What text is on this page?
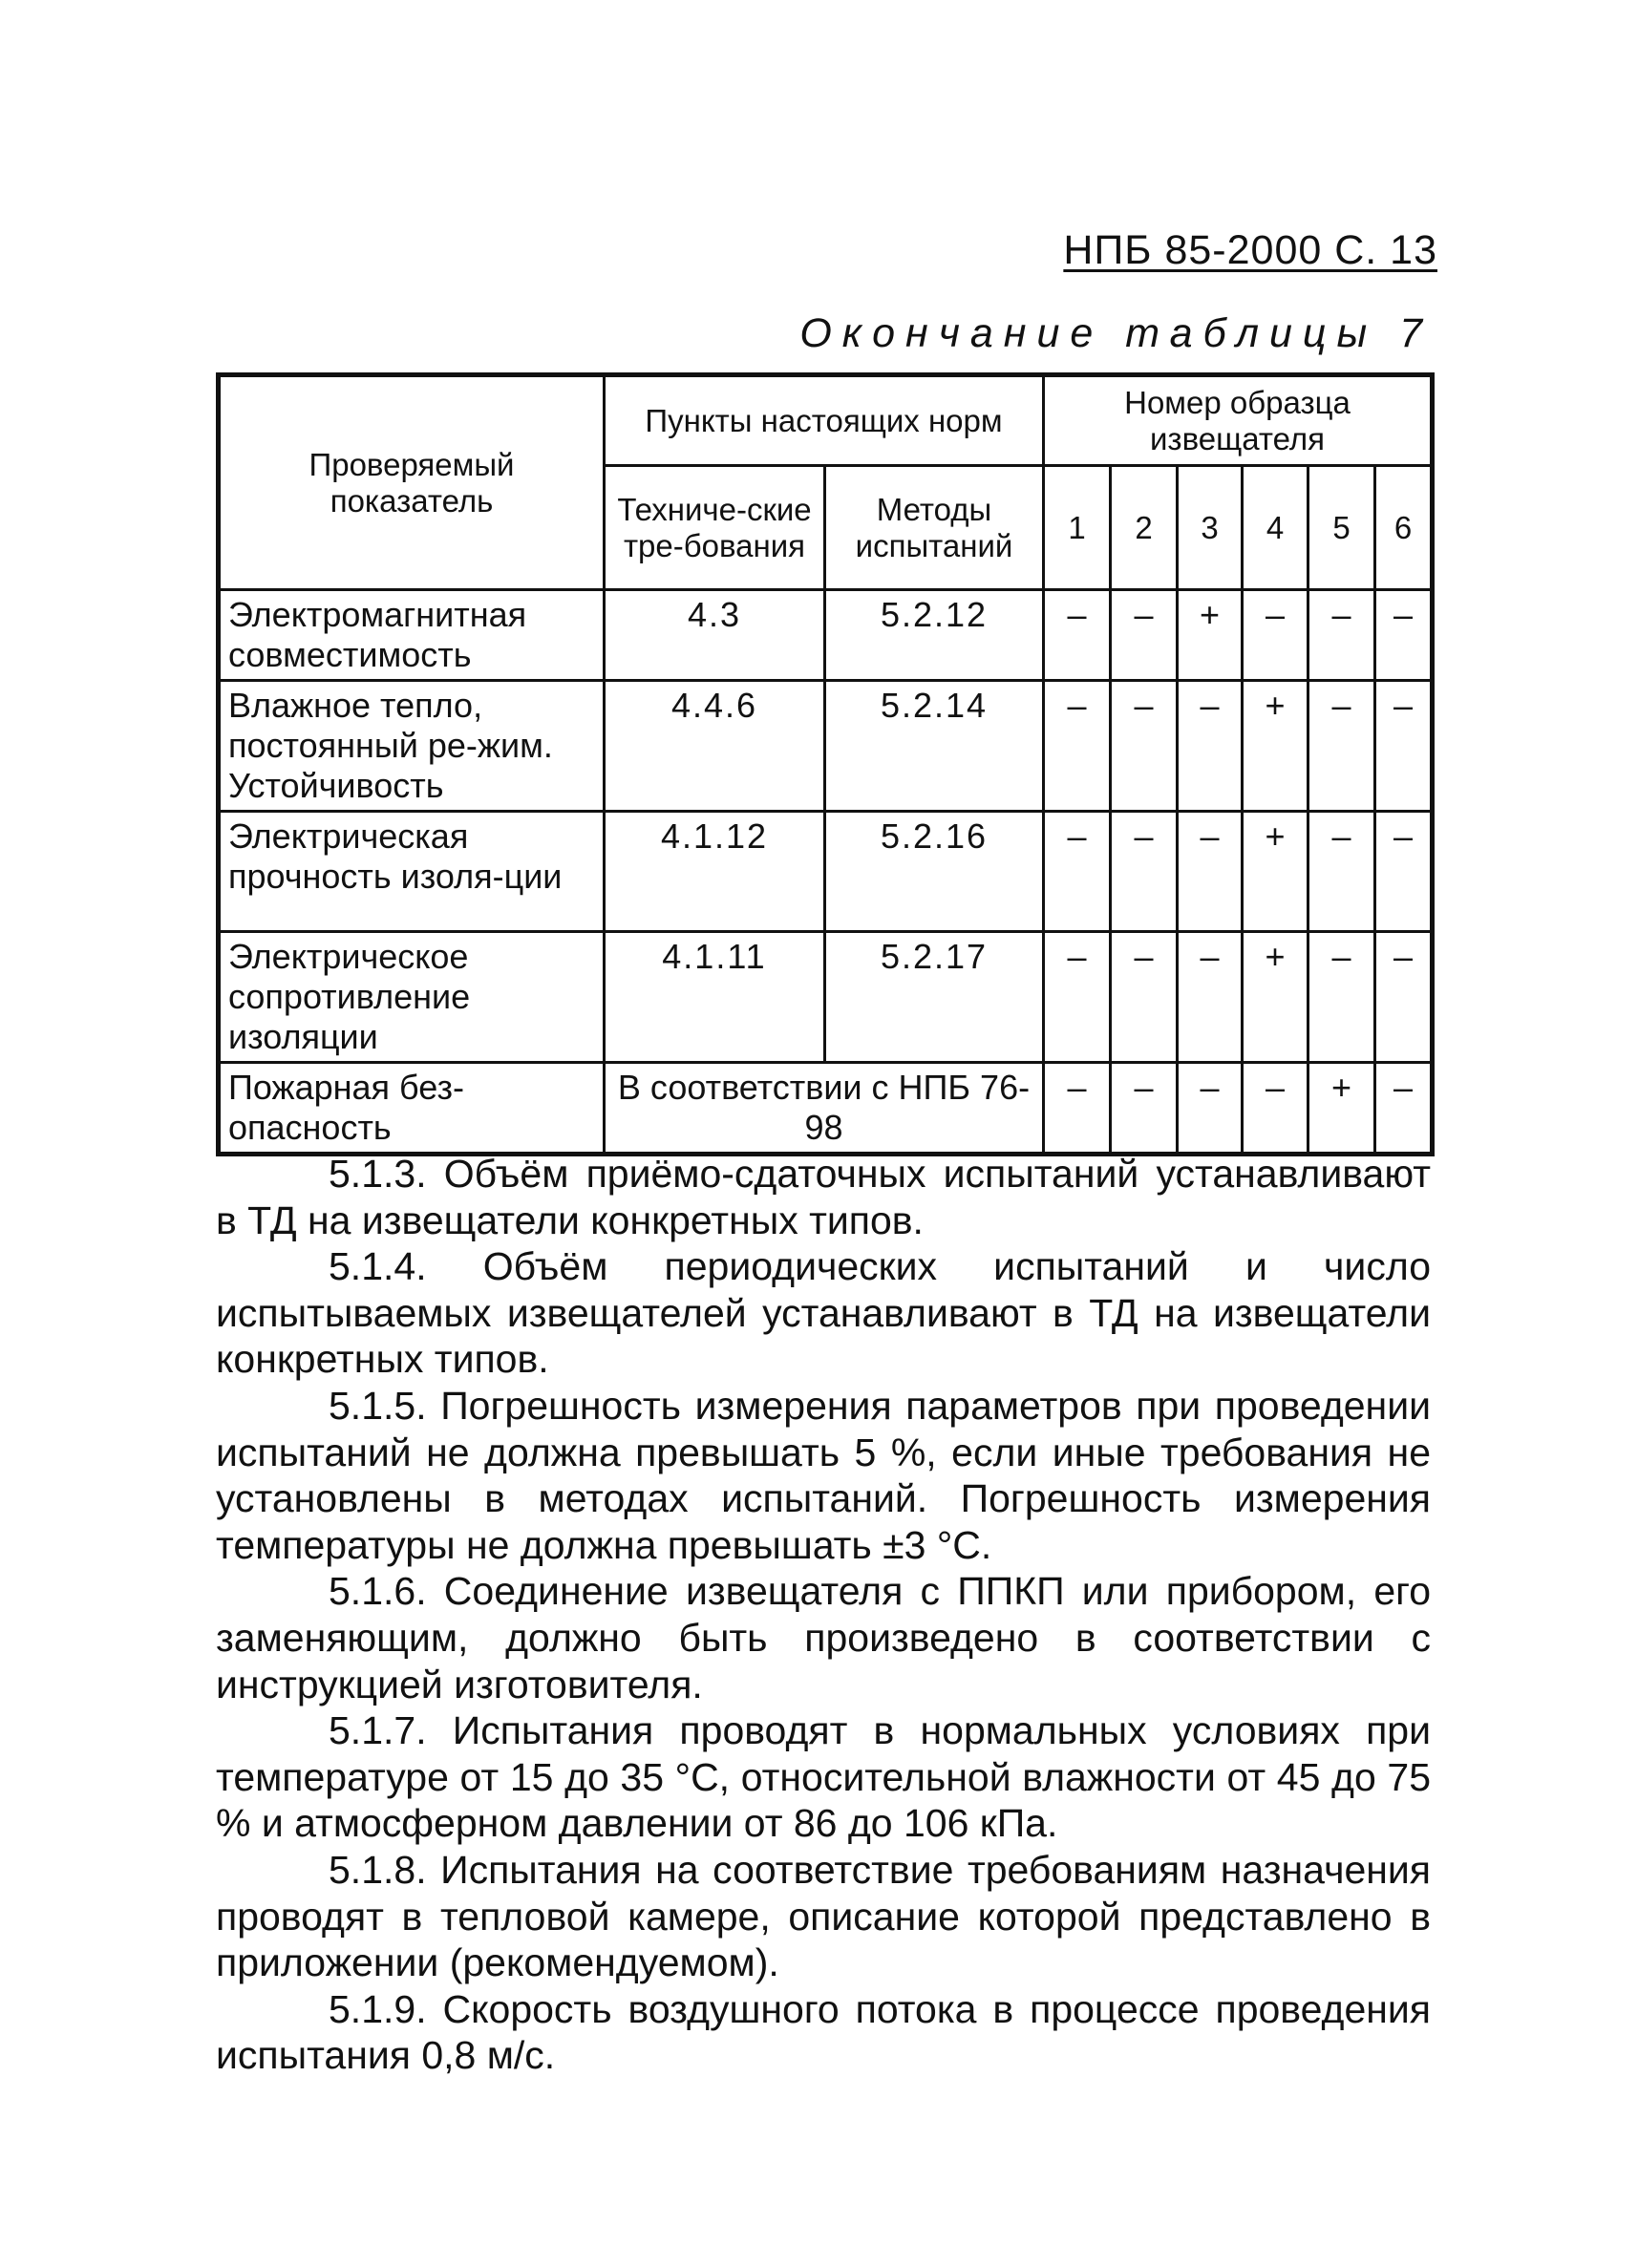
НПБ 85-2000 С. 13
Окончание таблицы 7
Проверяемый показатель	Пункты настоящих норм		Номер образца извещателя					
	Техниче-ские тре-бования	Методы испытаний	1	2	3	4	5	6
Электромагнитная совместимость	4.3	5.2.12	–	–	+	–	–	–
Влажное тепло, постоянный ре-жим. Устойчивость	4.4.6	5.2.14	–	–	–	+	–	–
Электрическая прочность изоля-ции	4.1.12	5.2.16	–	–	–	+	–	–
Электрическое сопротивление изоляции	4.1.11	5.2.17	–	–	–	+	–	–
Пожарная без-опасность	В соответствии с НПБ 76-98		–	–	–	–	+	–

5.1.3. Объём приёмо-сдаточных испытаний устанавливают в ТД на извещатели конкретных типов.

5.1.4. Объём периодических испытаний и число испытываемых извещателей устанавливают в ТД на извещатели конкретных типов.

5.1.5. Погрешность измерения параметров при проведении испытаний не должна превышать 5 %, если иные требования не установлены в методах испытаний. Погрешность измерения температуры не должна превышать ±3 °С.

5.1.6. Соединение извещателя с ППКП или прибором, его заменяющим, должно быть произведено в соответствии с инструкцией изготовителя.

5.1.7. Испытания проводят в нормальных условиях при температуре от 15 до 35 °С, относительной влажности от 45 до 75 % и атмосферном давлении от 86 до 106 кПа.

5.1.8. Испытания на соответствие требованиям назначения проводят в тепловой камере, описание которой представлено в приложении (рекомендуемом).

5.1.9. Скорость воздушного потока в процессе проведения испытания 0,8 м/с.
